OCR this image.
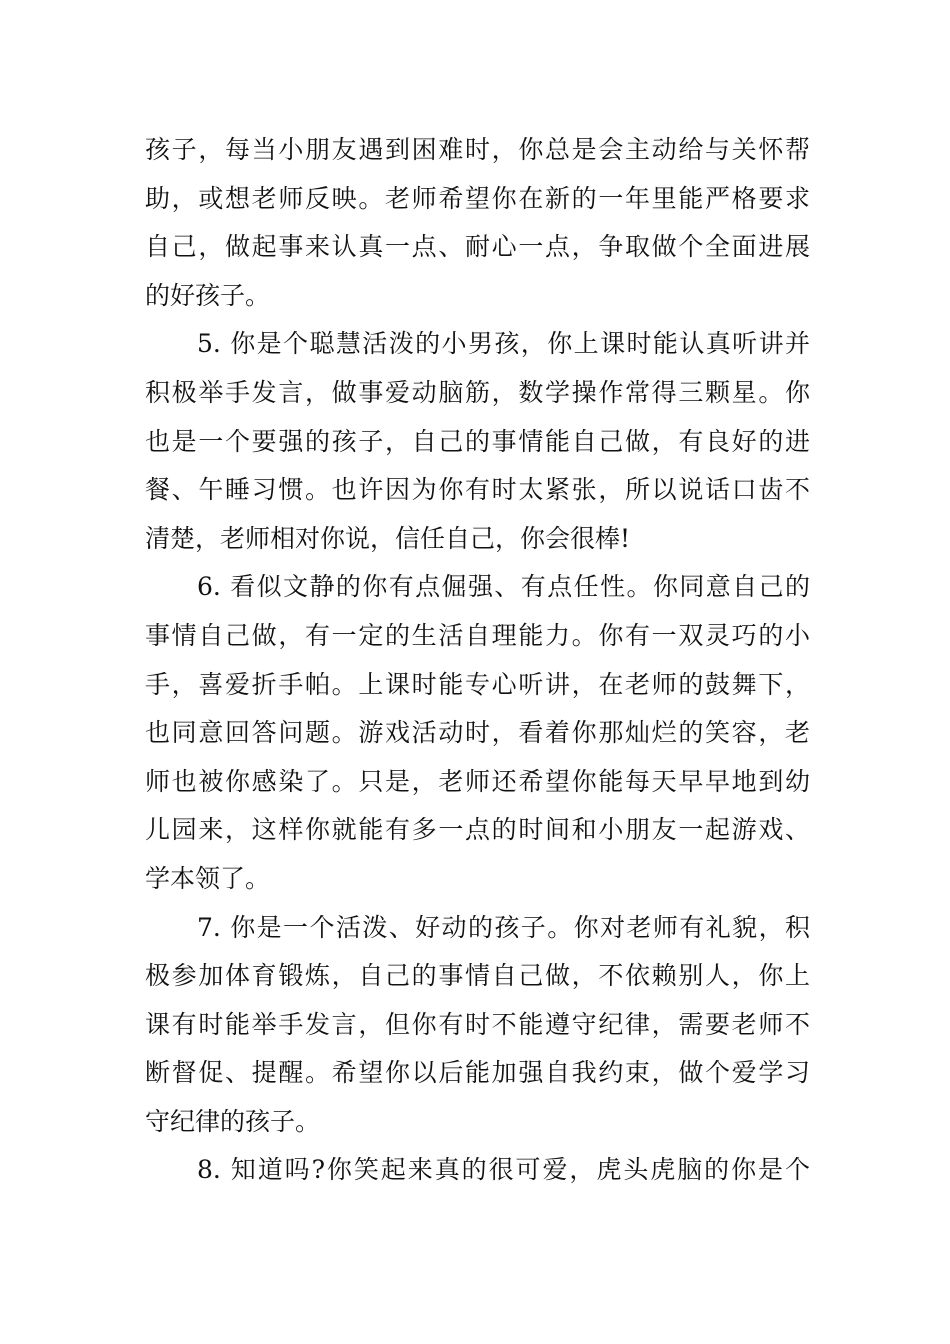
孩子，每当小朋友遇到困难时，你总是会主动给与关怀帮
助，或想老师反映。老师希望你在新的一年里能严格要求
自己，做起事来认真一点、耐心一点，争取做个全面进展
的好孩子。
5. 你是个聪慧活泼的小男孩，你上课时能认真听讲并
积极举手发言，做事爱动脑筋，数学操作常得三颗星。你
也是一个要强的孩子，自己的事情能自己做，有良好的进
餐、午睡习惯。也许因为你有时太紧张，所以说话口齿不
清楚，老师相对你说，信任自己，你会很棒!
6. 看似文静的你有点倔强、有点任性。你同意自己的
事情自己做，有一定的生活自理能力。你有一双灵巧的小
手，喜爱折手帕。上课时能专心听讲，在老师的鼓舞下，
也同意回答问题。游戏活动时，看着你那灿烂的笑容，老
师也被你感染了。只是，老师还希望你能每天早早地到幼
儿园来，这样你就能有多一点的时间和小朋友一起游戏、
学本领了。
7. 你是一个活泼、好动的孩子。你对老师有礼貌，积
极参加体育锻炼，自己的事情自己做，不依赖别人，你上
课有时能举手发言，但你有时不能遵守纪律，需要老师不
断督促、提醒。希望你以后能加强自我约束，做个爱学习
守纪律的孩子。
8. 知道吗?你笑起来真的很可爱，虎头虎脑的你是个
